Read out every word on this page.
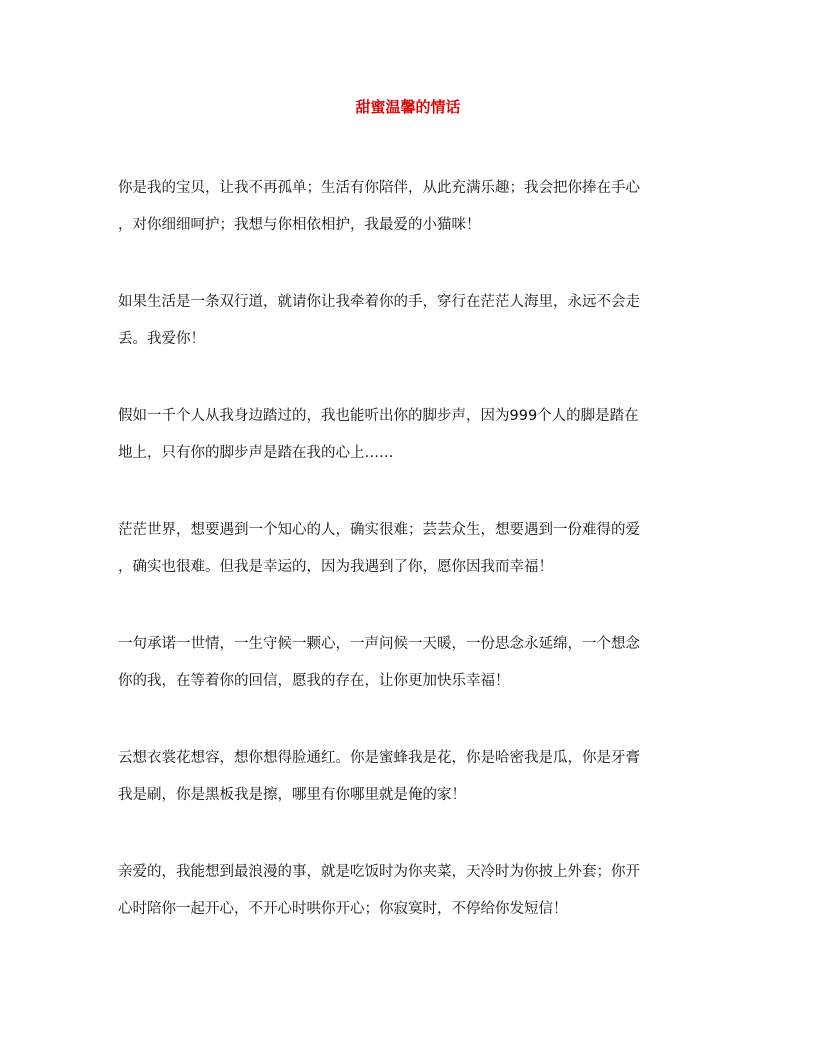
甜蜜温馨的情话

你是我的宝贝，让我不再孤单；生活有你陪伴，从此充满乐趣；我会把你捧在手心
，对你细细呵护；我想与你相依相护，我最爱的小猫咪！

如果生活是一条双行道，就请你让我牵着你的手，穿行在茫茫人海里，永远不会走
丢。我爱你！

假如一千个人从我身边踏过的，我也能听出你的脚步声，因为999个人的脚是踏在
地上，只有你的脚步声是踏在我的心上……

茫茫世界，想要遇到一个知心的人，确实很难；芸芸众生，想要遇到一份难得的爱
，确实也很难。但我是幸运的，因为我遇到了你，愿你因我而幸福！

一句承诺一世情，一生守候一颗心，一声问候一天暖，一份思念永延绵，一个想念
你的我，在等着你的回信，愿我的存在，让你更加快乐幸福！

云想衣裳花想容，想你想得脸通红。你是蜜蜂我是花，你是哈密我是瓜，你是牙膏
我是刷，你是黑板我是擦，哪里有你哪里就是俺的家！

亲爱的，我能想到最浪漫的事，就是吃饭时为你夹菜，天冷时为你披上外套；你开
心时陪你一起开心，不开心时哄你开心；你寂寞时，不停给你发短信！
